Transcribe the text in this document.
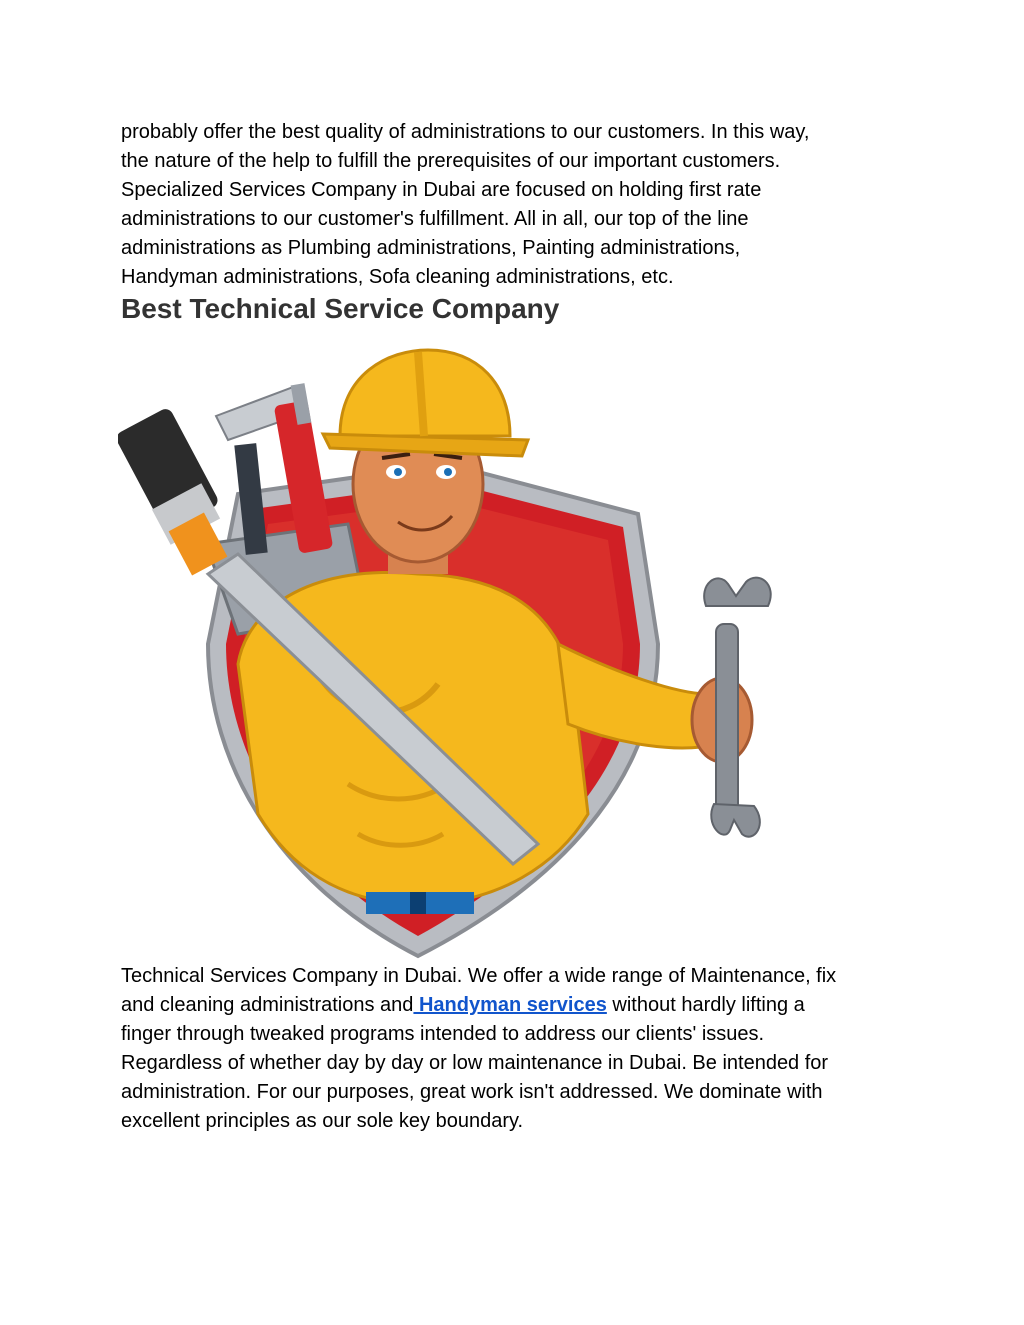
probably offer the best quality of administrations to our customers. In this way,
the nature of the help to fulfill the prerequisites of our important customers.
Specialized Services Company in Dubai are focused on holding first rate
administrations to our customer's fulfillment. All in all, our top of the line
administrations as Plumbing administrations, Painting administrations,
Handyman administrations, Sofa cleaning administrations, etc.

Best Technical Service Company

Technical Services Company in Dubai. We offer a wide range of Maintenance, fix
and cleaning administrations and Handyman services without hardly lifting a
finger through tweaked programs intended to address our clients' issues.
Regardless of whether day by day or low maintenance in Dubai. Be intended for
administration. For our purposes, great work isn't addressed. We dominate with
excellent principles as our sole key boundary.
